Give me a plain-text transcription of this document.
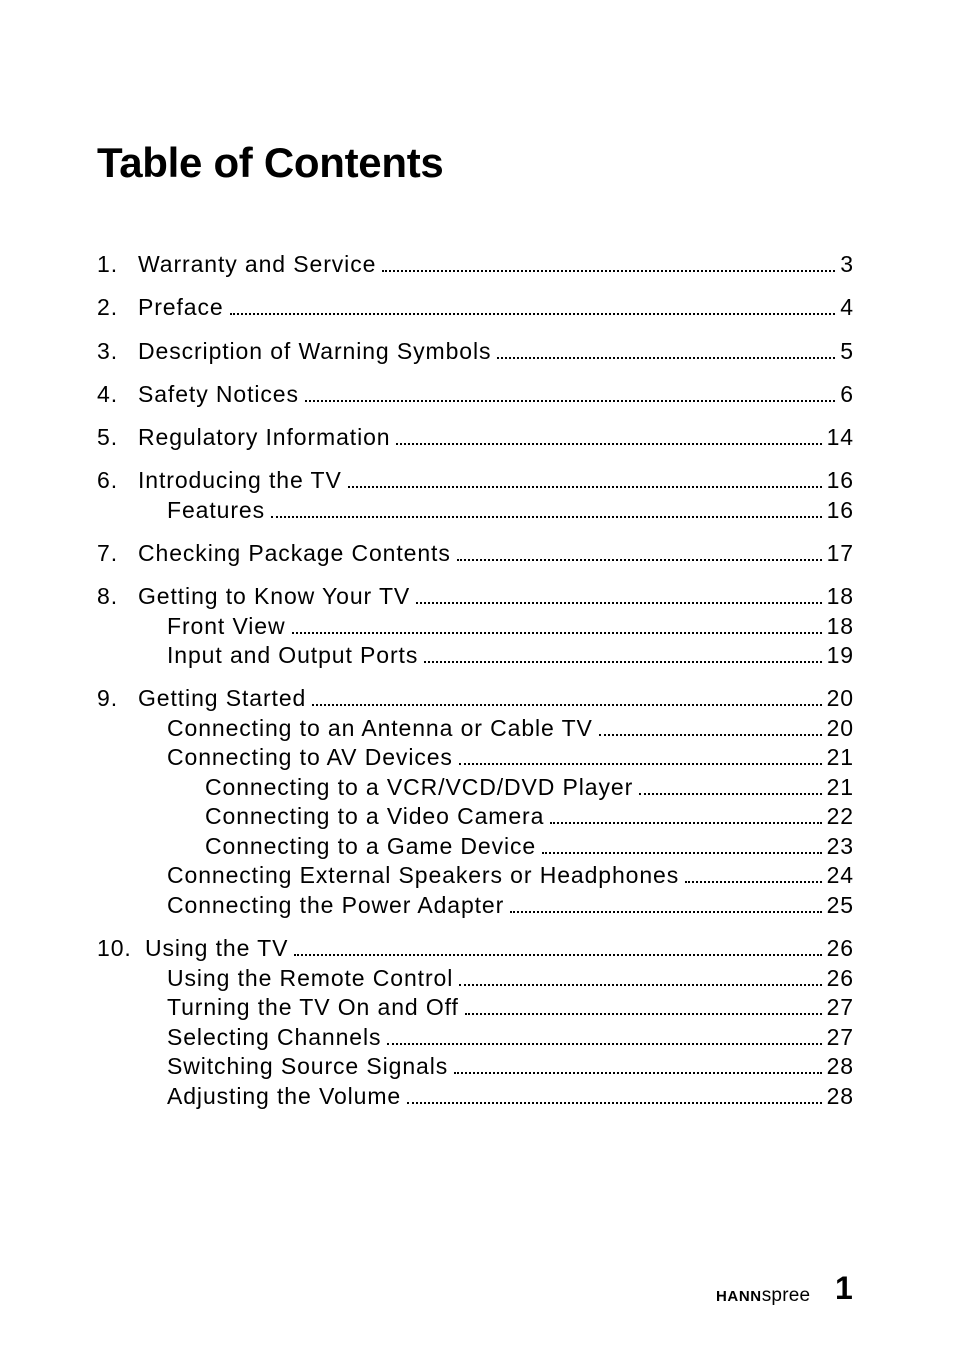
Table of Contents
1. Warranty and Service	3
2. Preface	4
3. Description of Warning Symbols	5
4. Safety Notices	6
5. Regulatory Information	14
6. Introducing the TV	16
Features	16
7. Checking Package Contents	17
8. Getting to Know Your TV	18
Front View	18
Input and Output Ports	19
9. Getting Started	20
Connecting to an Antenna or Cable TV	20
Connecting to AV Devices	21
Connecting to a VCR/VCD/DVD Player	21
Connecting to a Video Camera	22
Connecting to a Game Device	23
Connecting External Speakers or Headphones	24
Connecting the Power Adapter	25
10. Using the TV	26
Using the Remote Control	26
Turning the TV On and Off	27
Selecting Channels	27
Switching Source Signals	28
Adjusting the Volume	28
HANNspree 1
